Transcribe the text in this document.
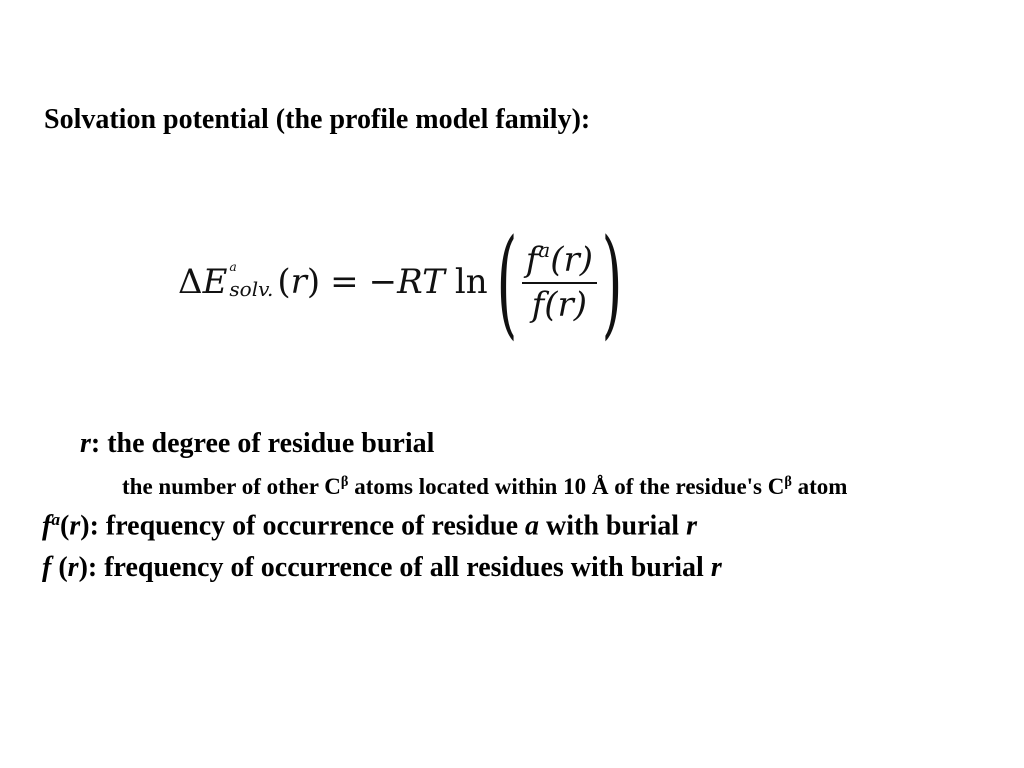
Solvation potential (the profile model family):
Δ E a
solv. ( r ) = − RT ln ( $\frac{f^a(r)}{f(r)}$ )
r: the degree of residue burial
the number of other $C^\beta$ atoms located within 10 Å of the residue's $C^\beta$ atom
$f^a(r)$: frequency of occurrence of residue a with burial r
f (r): frequency of occurrence of all residues with burial r
